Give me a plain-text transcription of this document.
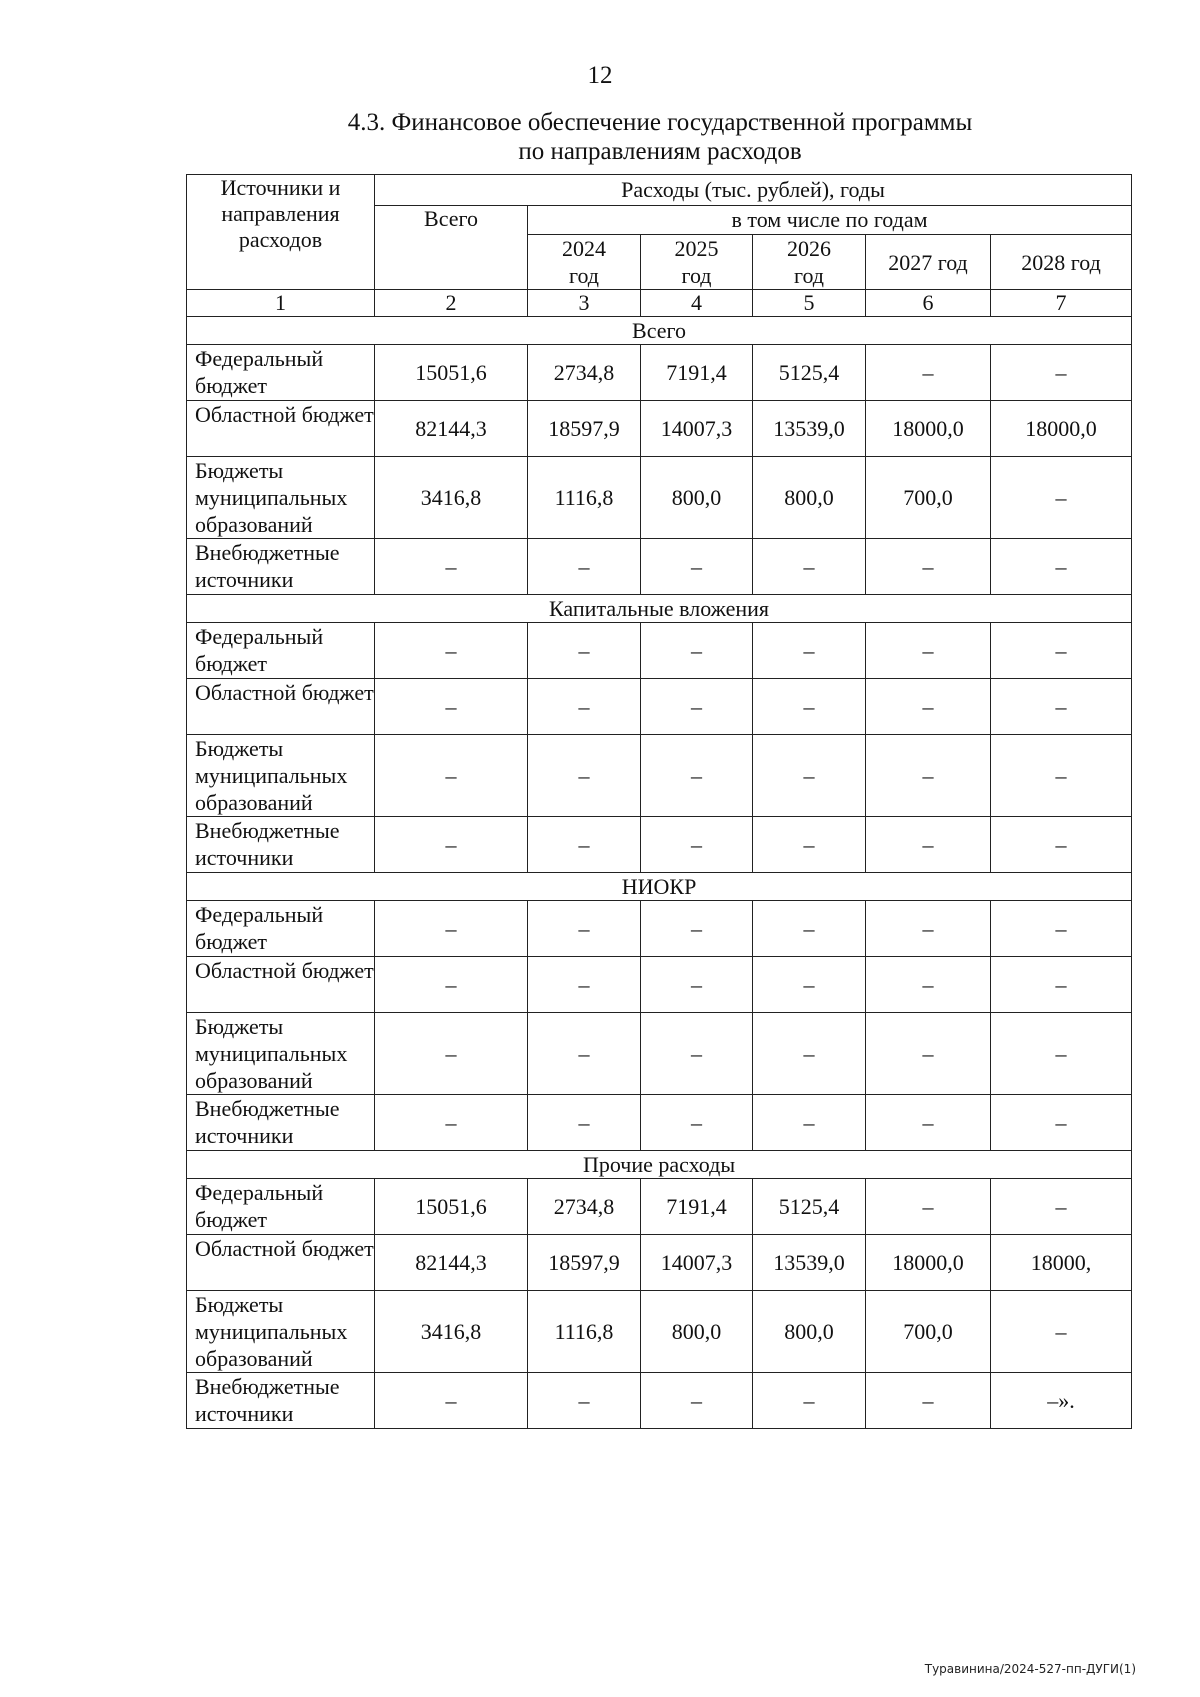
12
4.3. Финансовое обеспечение государственной программы
по направлениям расходов
Источники и направления расходов	Расходы (тыс. рублей), годы					
	Всего	в том числе по годам				
		2024 год	2025 год	2026 год	2027 год	2028 год
1	2	3	4	5	6	7
Всего						
Федеральный бюджет	15051,6	2734,8	7191,4	5125,4	–	–
Областной бюджет	82144,3	18597,9	14007,3	13539,0	18000,0	18000,0
Бюджеты муниципальных образований	3416,8	1116,8	800,0	800,0	700,0	–
Внебюджетные источники	–	–	–	–	–	–
Капитальные вложения						
Федеральный бюджет	–	–	–	–	–	–
Областной бюджет	–	–	–	–	–	–
Бюджеты муниципальных образований	–	–	–	–	–	–
Внебюджетные источники	–	–	–	–	–	–
НИОКР						
Федеральный бюджет	–	–	–	–	–	–
Областной бюджет	–	–	–	–	–	–
Бюджеты муниципальных образований	–	–	–	–	–	–
Внебюджетные источники	–	–	–	–	–	–
Прочие расходы						
Федеральный бюджет	15051,6	2734,8	7191,4	5125,4	–	–
Областной бюджет	82144,3	18597,9	14007,3	13539,0	18000,0	18000,
Бюджеты муниципальных образований	3416,8	1116,8	800,0	800,0	700,0	–
Внебюджетные источники	–	–	–	–	–	–».
Туравинина/2024-527-пп-ДУГИ(1)
